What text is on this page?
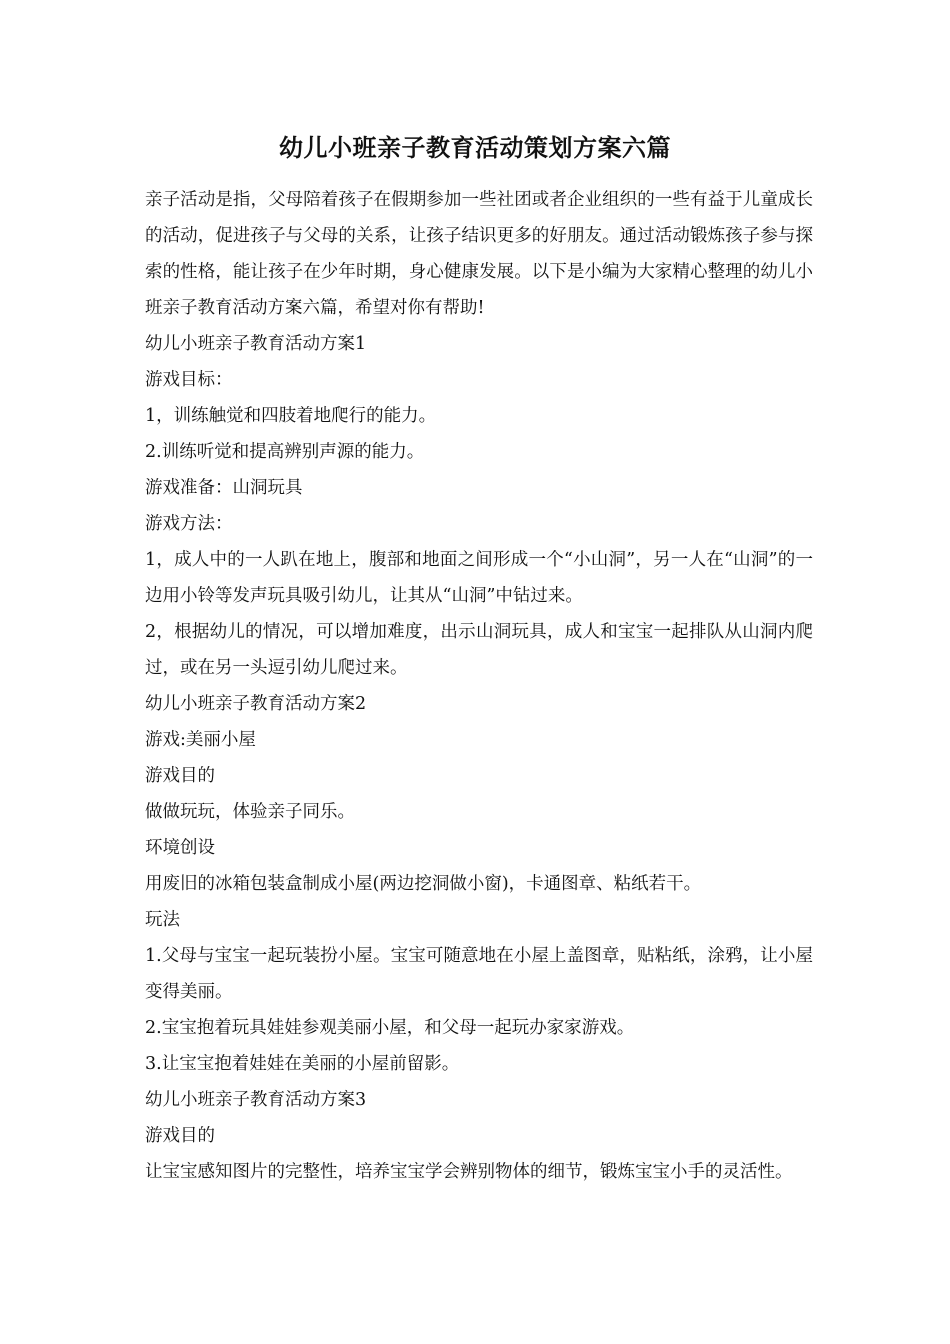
幼儿小班亲子教育活动策划方案六篇

亲子活动是指，父母陪着孩子在假期参加一些社团或者企业组织的一些有益于儿童成长的活动，促进孩子与父母的关系，让孩子结识更多的好朋友。通过活动锻炼孩子参与探索的性格，能让孩子在少年时期，身心健康发展。以下是小编为大家精心整理的幼儿小班亲子教育活动方案六篇，希望对你有帮助!

幼儿小班亲子教育活动方案1

游戏目标：

1，训练触觉和四肢着地爬行的能力。

2.训练听觉和提高辨别声源的能力。

游戏准备：山洞玩具

游戏方法：

1，成人中的一人趴在地上，腹部和地面之间形成一个“小山洞”，另一人在“山洞”的一边用小铃等发声玩具吸引幼儿，让其从“山洞”中钻过来。

2，根据幼儿的情况，可以增加难度，出示山洞玩具，成人和宝宝一起排队从山洞内爬过，或在另一头逗引幼儿爬过来。

幼儿小班亲子教育活动方案2

游戏:美丽小屋

游戏目的

做做玩玩，体验亲子同乐。

环境创设

用废旧的冰箱包装盒制成小屋(两边挖洞做小窗)，卡通图章、粘纸若干。

玩法

1.父母与宝宝一起玩装扮小屋。宝宝可随意地在小屋上盖图章，贴粘纸，涂鸦，让小屋变得美丽。

2.宝宝抱着玩具娃娃参观美丽小屋，和父母一起玩办家家游戏。

3.让宝宝抱着娃娃在美丽的小屋前留影。

幼儿小班亲子教育活动方案3

游戏目的

让宝宝感知图片的完整性，培养宝宝学会辨别物体的细节，锻炼宝宝小手的灵活性。
